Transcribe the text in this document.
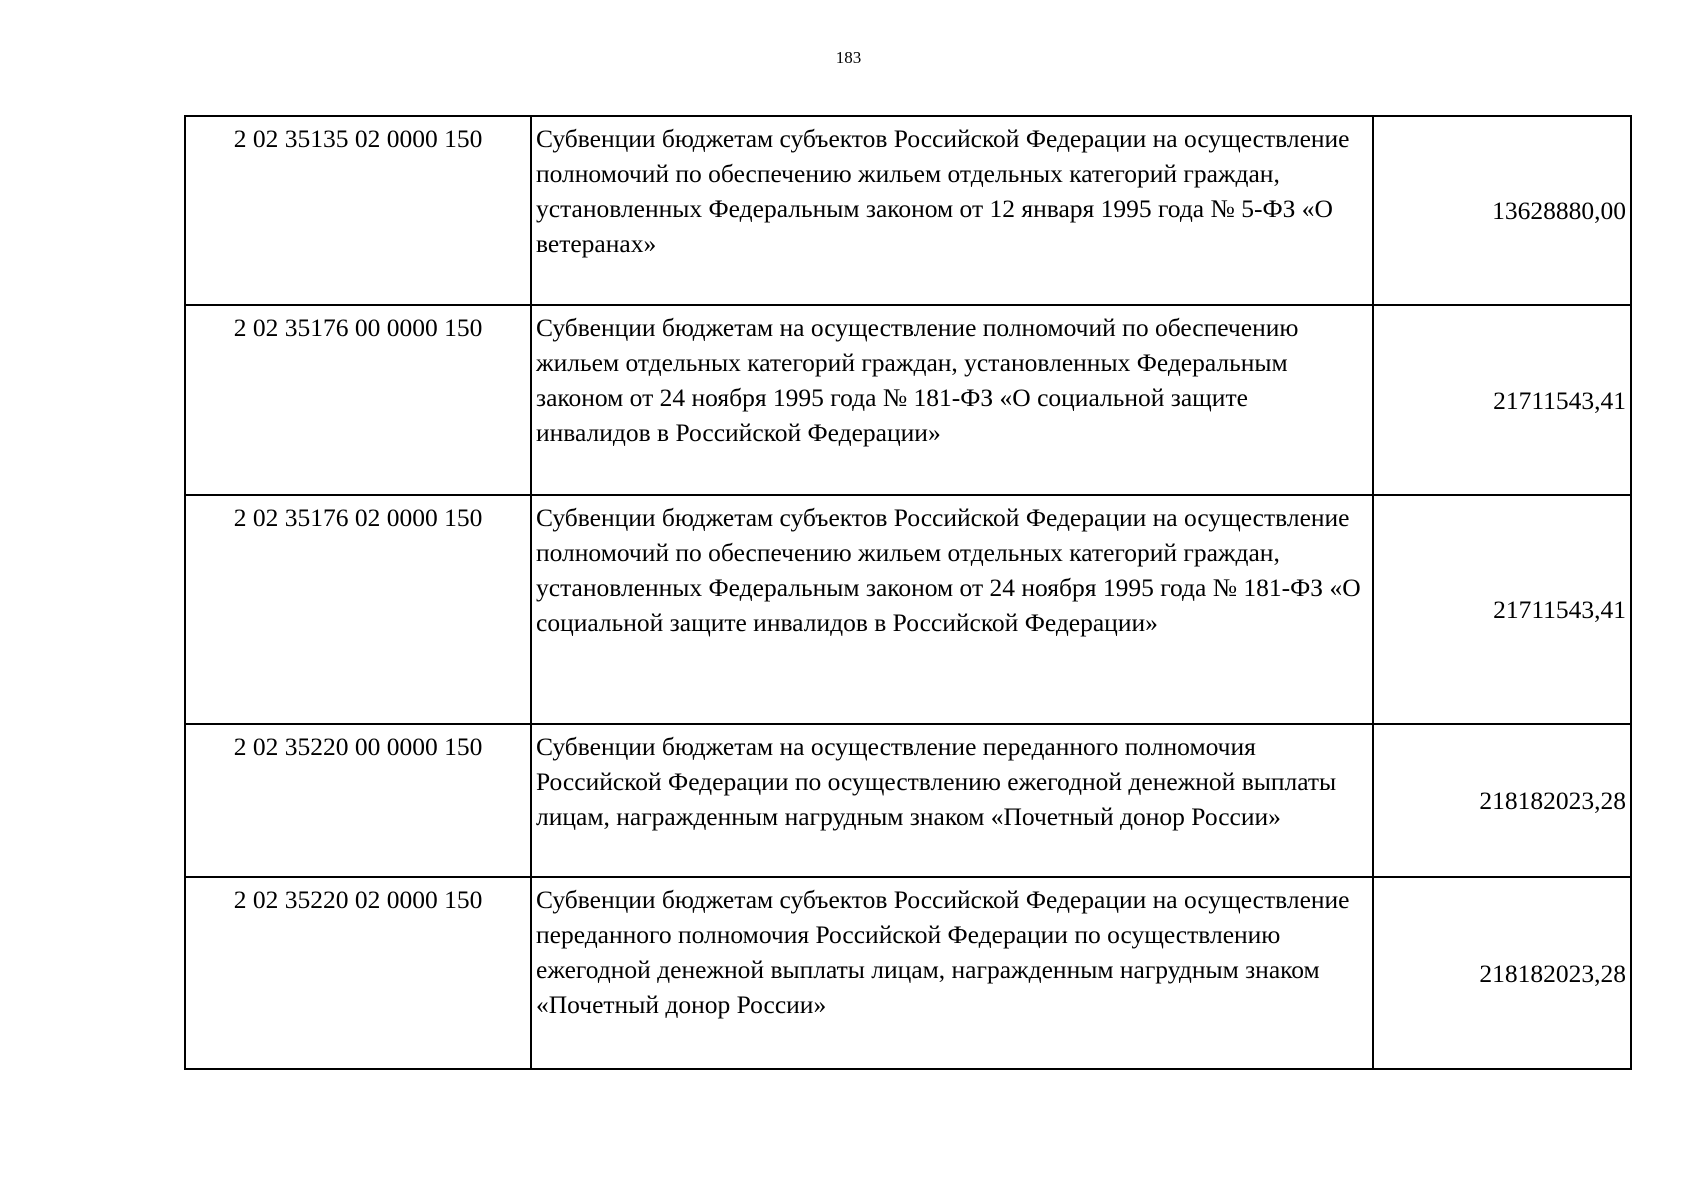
183
2 02 35135 02 0000 150	Субвенции бюджетам субъектов Российской Федерации на осуществление полномочий по обеспечению жильем отдельных категорий граждан, установленных Федеральным законом от 12 января 1995 года № 5-ФЗ «О ветеранах»	13628880,00
2 02 35176 00 0000 150	Субвенции бюджетам на осуществление полномочий по обеспечению жильем отдельных категорий граждан, установленных Федеральным законом от 24 ноября 1995 года № 181-ФЗ «О социальной защите инвалидов в Российской Федерации»	21711543,41
2 02 35176 02 0000 150	Субвенции бюджетам субъектов Российской Федерации на осуществление полномочий по обеспечению жильем отдельных категорий граждан, установленных Федеральным законом от 24 ноября 1995 года № 181-ФЗ «О социальной защите инвалидов в Российской Федерации»	21711543,41
2 02 35220 00 0000 150	Субвенции бюджетам на осуществление переданного полномочия Российской Федерации по осуществлению ежегодной денежной выплаты лицам, награжденным нагрудным знаком «Почетный донор России»	218182023,28
2 02 35220 02 0000 150	Субвенции бюджетам субъектов Российской Федерации на осуществление переданного полномочия Российской Федерации по осуществлению ежегодной денежной выплаты лицам, награжденным нагрудным знаком «Почетный донор России»	218182023,28
